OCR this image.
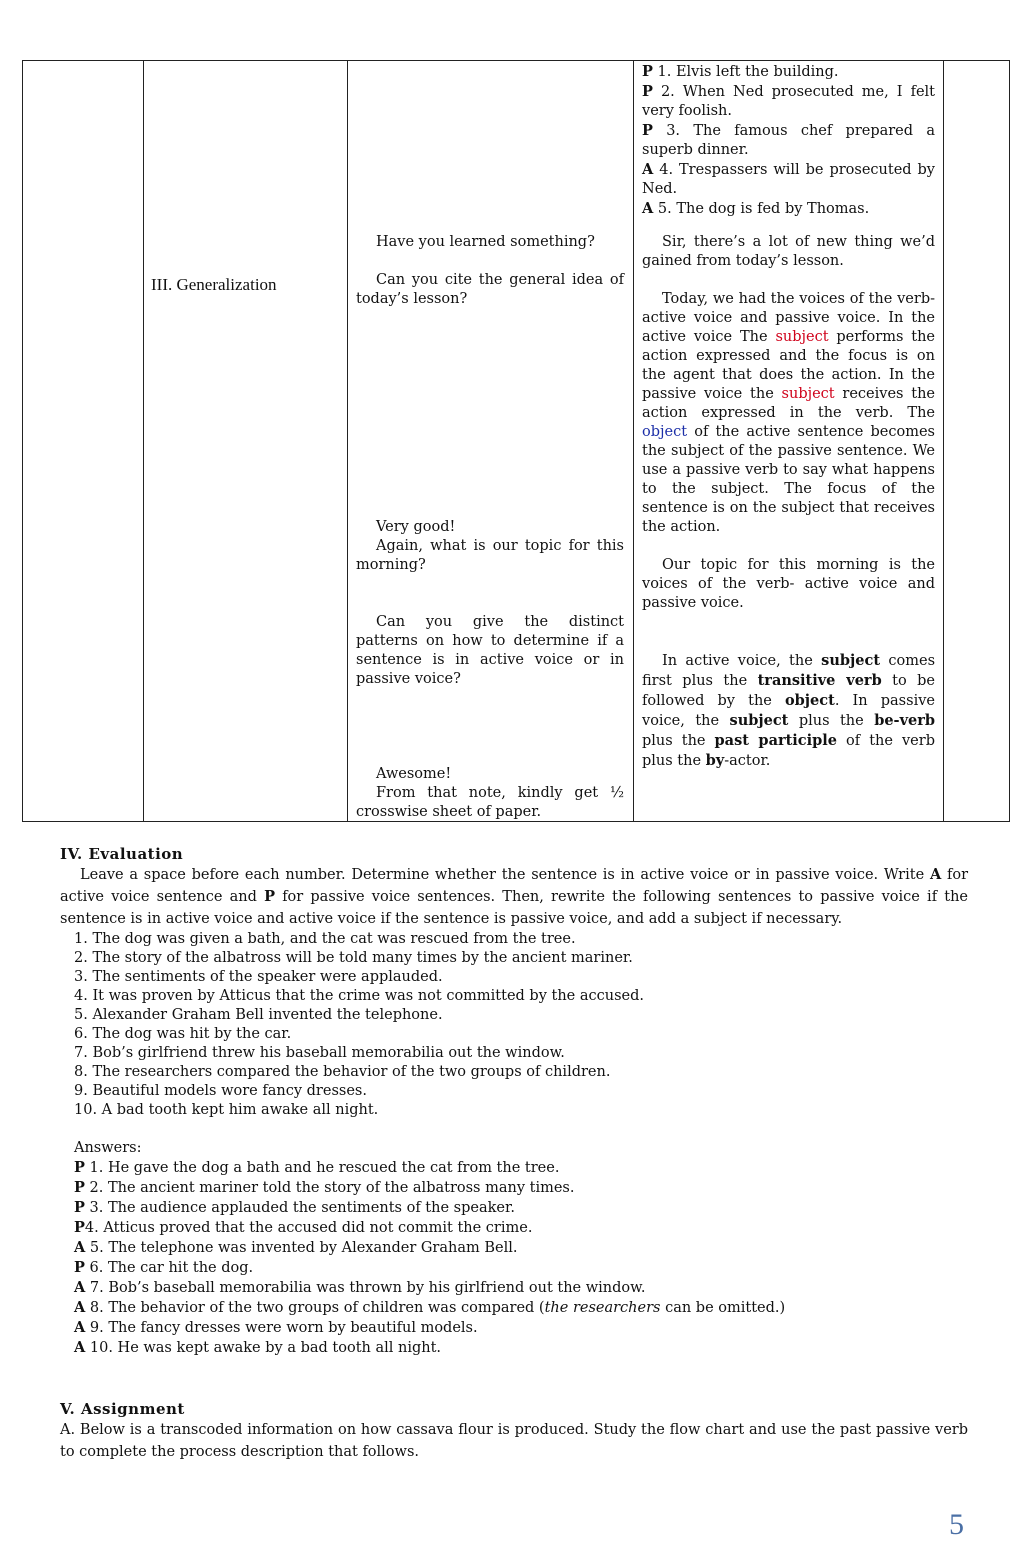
III. Generalization

Have you learned something?

Can you cite the general idea of today’s lesson?

Very good!

Again, what is our topic for this morning?

Can you give the distinct patterns on how to determine if a sentence is in active voice or in passive voice?

Awesome!

From that note, kindly get ½ crosswise sheet of paper.

P 1. Elvis left the building.

P 2. When Ned prosecuted me, I felt very foolish.

P 3. The famous chef prepared a superb dinner.

A 4. Trespassers will be prosecuted by Ned.

A 5. The dog is fed by Thomas.

Sir, there’s a lot of new thing we’d gained from today’s lesson.

Today, we had the voices of the verb- active voice and passive voice. In the active voice The subject performs the action expressed and the focus is on the agent that does the action. In the passive voice the subject receives the action expressed in the verb. The object of the active sentence becomes the subject of the passive sentence. We use a passive verb to say what happens to the subject. The focus of the sentence is on the subject that receives the action.

Our topic for this morning is the voices of the verb- active voice and passive voice.

In active voice, the subject comes first plus the transitive verb to be followed by the object. In passive voice, the subject plus the be-verb plus the past participle of the verb plus the by-actor.

IV. Evaluation

Leave a space before each number. Determine whether the sentence is in active voice or in passive voice. Write A for active voice sentence and P for passive voice sentences. Then, rewrite the following sentences to passive voice if the sentence is in active voice and active voice if the sentence is passive voice, and add a subject if necessary.

1. The dog was given a bath, and the cat was rescued from the tree.

2. The story of the albatross will be told many times by the ancient mariner.

3. The sentiments of the speaker were applauded.

4. It was proven by Atticus that the crime was not committed by the accused.

5. Alexander Graham Bell invented the telephone.

6. The dog was hit by the car.

7. Bob’s girlfriend threw his baseball memorabilia out the window.

8. The researchers compared the behavior of the two groups of children.

9. Beautiful models wore fancy dresses.

10. A bad tooth kept him awake all night.

Answers:

P 1. He gave the dog a bath and he rescued the cat from the tree.

P 2. The ancient mariner told the story of the albatross many times.

P 3. The audience applauded the sentiments of the speaker.

P4. Atticus proved that the accused did not commit the crime.

A 5. The telephone was invented by Alexander Graham Bell.

P 6. The car hit the dog.

A 7. Bob’s baseball memorabilia was thrown by his girlfriend out the window.

A 8. The behavior of the two groups of children was compared (the researchers can be omitted.)

A 9. The fancy dresses were worn by beautiful models.

A 10. He was kept awake by a bad tooth all night.

V. Assignment

A. Below is a transcoded information on how cassava flour is produced. Study the flow chart and use the past passive verb to complete the process description that follows.

5
